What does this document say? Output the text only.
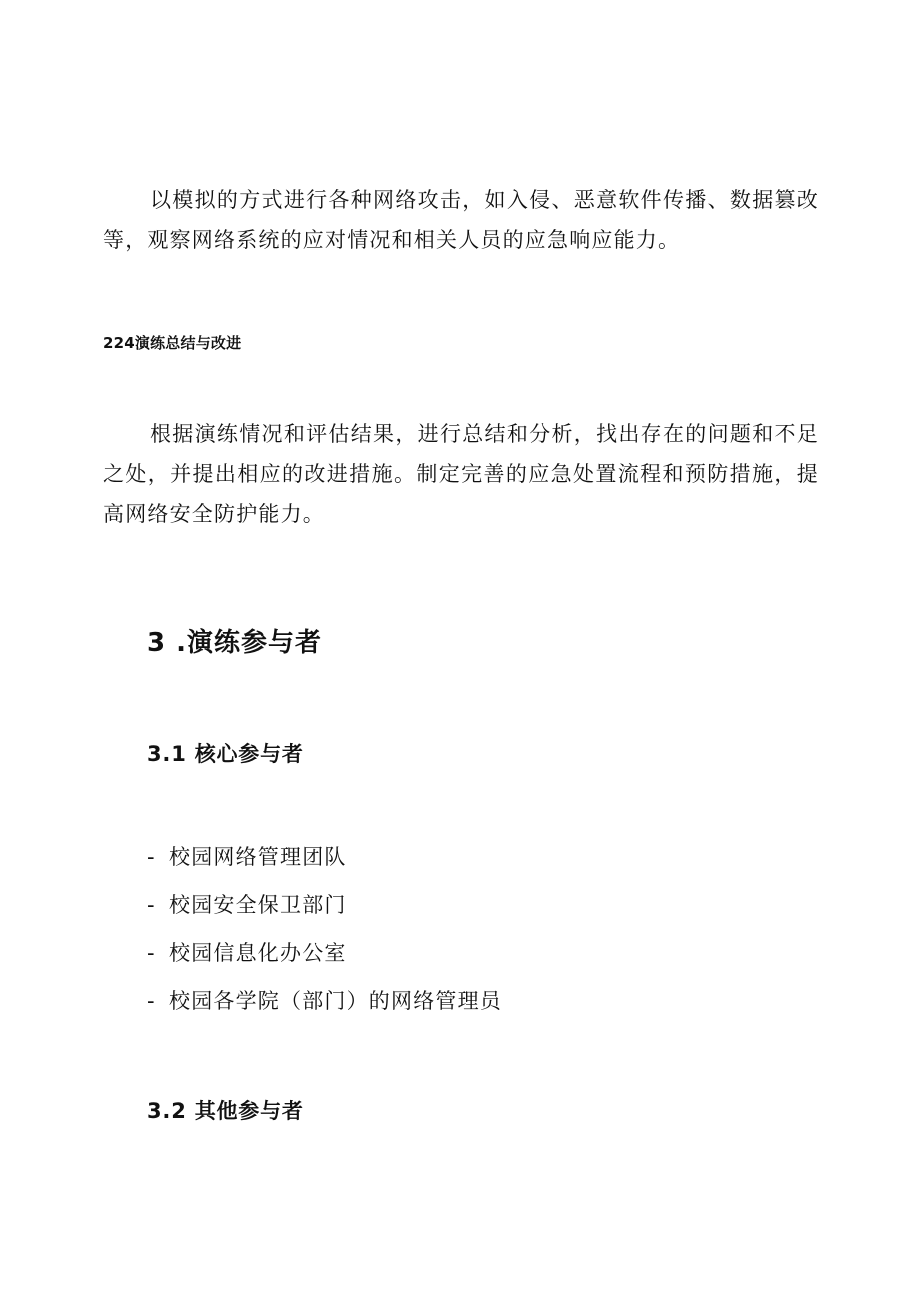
以模拟的方式进行各种网络攻击，如入侵、恶意软件传播、数据篡改等，观察网络系统的应对情况和相关人员的应急响应能力。

224演练总结与改进

根据演练情况和评估结果，进行总结和分析，找出存在的问题和不足之处，并提出相应的改进措施。制定完善的应急处置流程和预防措施，提高网络安全防护能力。

3 .演练参与者
3.1 核心参与者
- 校园网络管理团队
- 校园安全保卫部门
- 校园信息化办公室
- 校园各学院（部门）的网络管理员
3.2 其他参与者
